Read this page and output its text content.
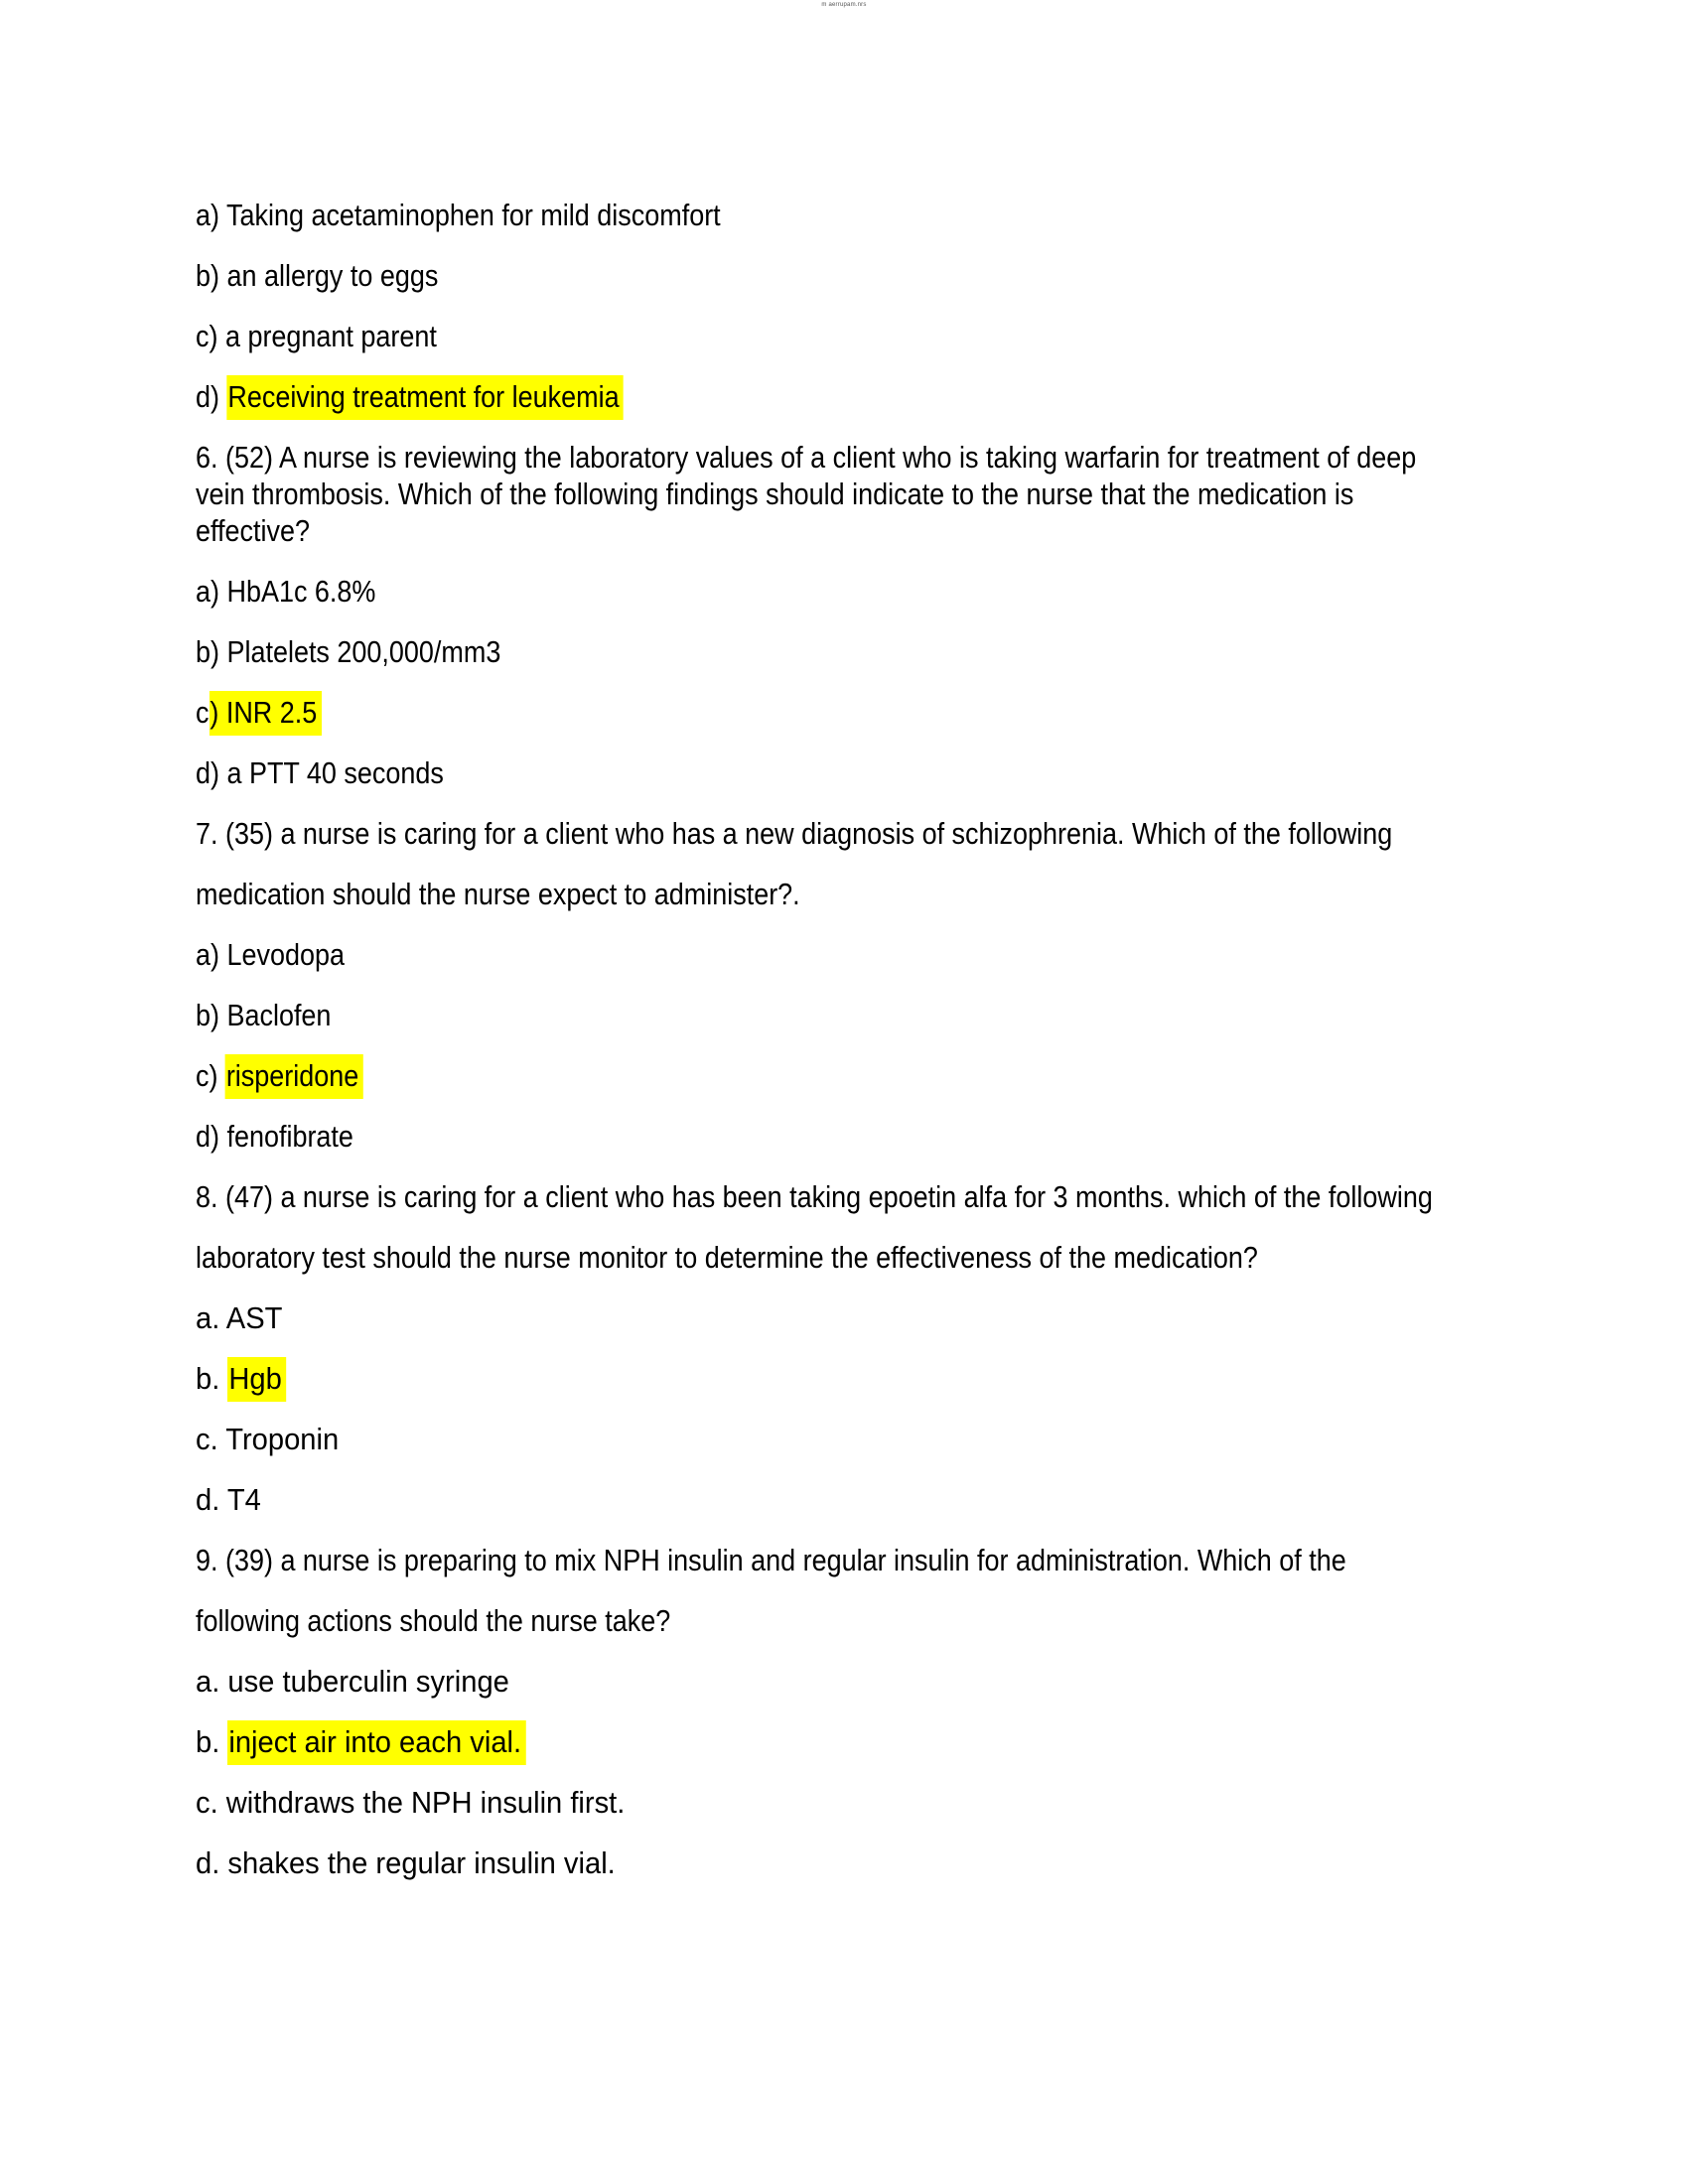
m aerrupam.nrs
a) Taking acetaminophen for mild discomfort
b) an allergy to eggs
c) a pregnant parent
d) Receiving treatment for leukemia
6. (52) A nurse is reviewing the laboratory values of a client who is taking warfarin for treatment of deep
vein thrombosis. Which of the following findings should indicate to the nurse that the medication is
effective?
a) HbA1c 6.8%
b) Platelets 200,000/mm3
c) INR 2.5
d) a PTT 40 seconds
7. (35) a nurse is caring for a client who has a new diagnosis of schizophrenia. Which of the following
medication should the nurse expect to administer?.
a) Levodopa
b) Baclofen
c) risperidone
d) fenofibrate
8. (47) a nurse is caring for a client who has been taking epoetin alfa for 3 months. which of the following
laboratory test should the nurse monitor to determine the effectiveness of the medication?
a. AST
b. Hgb
c. Troponin
d. T4
9. (39) a nurse is preparing to mix NPH insulin and regular insulin for administration. Which of the
following actions should the nurse take?
a. use tuberculin syringe
b. inject air into each vial.
c. withdraws the NPH insulin first.
d. shakes the regular insulin vial.
